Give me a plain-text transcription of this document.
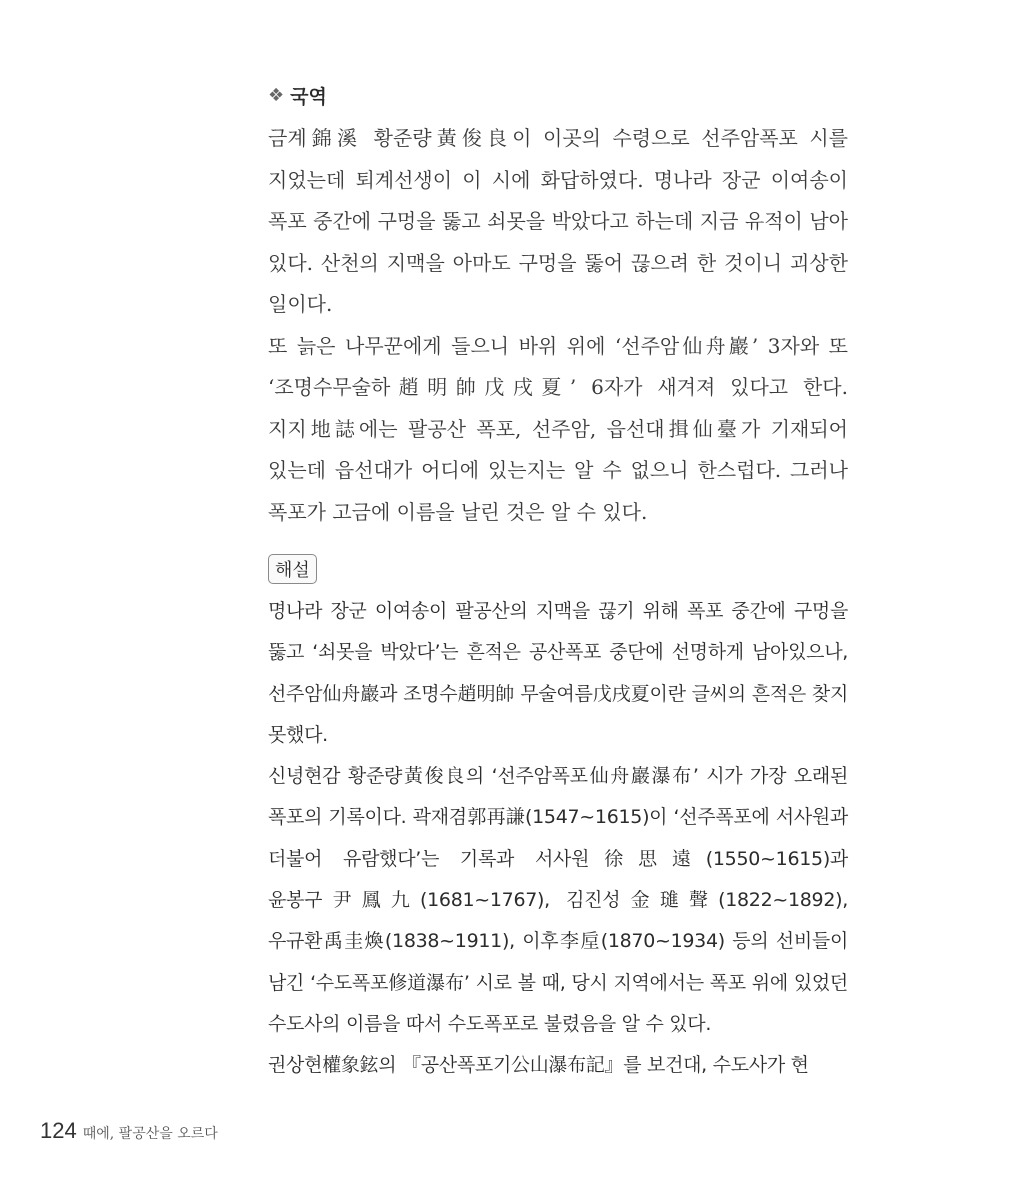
❖ 국역

금계錦溪 황준량黃俊良이 이곳의 수령으로 선주암폭포 시를 지었는데 퇴계선생이 이 시에 화답하였다. 명나라 장군 이여송이 폭포 중간에 구멍을 뚫고 쇠못을 박았다고 하는데 지금 유적이 남아 있다. 산천의 지맥을 아마도 구멍을 뚫어 끊으려 한 것이니 괴상한 일이다.

또 늙은 나무꾼에게 들으니 바위 위에 ‘선주암仙舟巖’ 3자와 또 ‘조명수무술하趙明帥戊戌夏’ 6자가 새겨져 있다고 한다. 지지地誌에는 팔공산 폭포, 선주암, 읍선대揖仙臺가 기재되어 있는데 읍선대가 어디에 있는지는 알 수 없으니 한스럽다. 그러나 폭포가 고금에 이름을 날린 것은 알 수 있다.

해설

명나라 장군 이여송이 팔공산의 지맥을 끊기 위해 폭포 중간에 구멍을 뚫고 ‘쇠못을 박았다’는 흔적은 공산폭포 중단에 선명하게 남아있으나, 선주암仙舟巖과 조명수趙明帥 무술여름戊戌夏이란 글씨의 흔적은 찾지 못했다.

신녕현감 황준량黃俊良의 ‘선주암폭포仙舟巖瀑布’ 시가 가장 오래된 폭포의 기록이다. 곽재겸郭再謙(1547~1615)이 ‘선주폭포에 서사원과 더불어 유람했다’는 기록과 서사원徐思遠(1550~1615)과 윤봉구尹鳳九(1681~1767), 김진성金璡聲(1822~1892), 우규환禹圭煥(1838~1911), 이후李垕(1870~1934) 등의 선비들이 남긴 ‘수도폭포修道瀑布’ 시로 볼 때, 당시 지역에서는 폭포 위에 있었던 수도사의 이름을 따서 수도폭포로 불렸음을 알 수 있다.

권상현權象鉉의 『공산폭포기公山瀑布記』를 보건대, 수도사가 현

124 때에, 팔공산을 오르다
